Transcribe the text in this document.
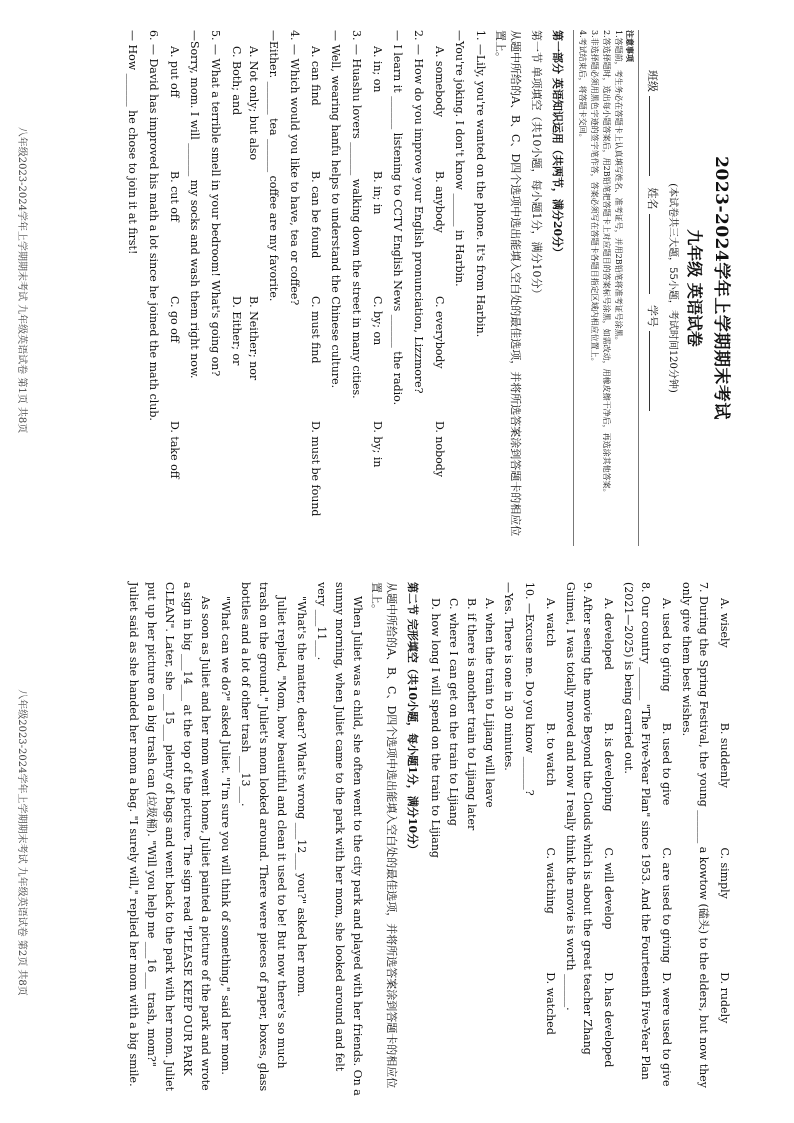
2023-2024学年上学期期末考试
九年级 英语试卷

(本试卷共三大题，55小题，考试时间120分钟)

班级 姓名 学号

注意事项

1.答题前，考生务必在答题卡上认真填写姓名、准考证号，并用2B铅笔将准考证号涂黑。

2.答选择题时，选出每小题答案后，用2B铅笔把答题卡上对应题目的答案标号涂黑，如需改动，用橡皮擦干净后，再选涂其他答案。

3.非选择题必须用黑色字迹的签字笔作答，答案必须写在答题卡各题目指定区域内相应位置上。

4.考试结束后，将答题卡交回。

第一部分 英语知识运用（共两节，满分20分）

第一节 单项填空（共10小题，每小题1分，满分10分）

从题中所给的A、B、C、D四个选项中选出能填入空白处的最佳选项，并将所选答案涂到答题卡的相应位置上。

1. —Lily, you're wanted on the phone. It's from Harbin.

—You're joking. I don't know ______ in Harbin.

A. somebody
B. anybody
C. everybody
D. nobody

2. — How do you improve your English pronunciation, Lizzmore?

— I learn it ______ listening to CCTV English News ______ the radio.

A. in; on
B. in; in
C. by; on
D. by; in

3. — Huashu lovers ______ walking down the street in many cities.

— Well, wearing hanfu helps to understand the Chinese culture.

A. can find
B. can be found
C. must find
D. must be found

4. — Which would you like to have, tea or coffee?

—Either. ______ tea ______ coffee are my favorite.

A. Not only; but also
B. Neither; nor
C. Both; and
D. Either; or

5. — What a terrible smell in your bedroom! What's going on?

—Sorry, mom. I will ______ my socks and wash them right now.

A. put off
B. cut off
C. go off
D. take off

6. — David has improved his math a lot since he joined the math club.

— How ______ he chose to join it at first!

八年级2023-2024学年上学期期末考试 九年级英语试卷 第1页 共8页
A. wisely
B. suddenly
C. simply
D. rudely

7. During the Spring Festival, the young ______ a kowtow (磕头) to the elders, but now they only give them best wishes.

A. used to giving
B. used to give
C. are used to giving
D. were used to give

8. Our country ______ "The Five-Year Plan" since 1953. And the Fourteenth Five-Year Plan (2021—2025) is being carried out.

A. developed
B. is developing
C. will develop
D. has developed

9. After seeing the movie Beyond the Clouds which is about the great teacher Zhang Guimei, I was totally moved and now I really think the movie is worth ______.

A. watch
B. to watch
C. watching
D. watched

10. —Excuse me. Do you know ______?

—Yes. There is one in 30 minutes.

A. when the train to Lijiang will leave
B. if there is another train to Lijiang later
C. where I can get on the train to Lijiang
D. how long I will spend on the train to Lijiang

第二节 完形填空（共10小题，每小题1分，满分10分）

从题中所给的A、B、C、D四个选项中选出能填入空白处的最佳选项，并将所选答案涂到答题卡的相应位置上。

When Juliet was a child, she often went to the city park and played with her friends. On a sunny morning, when Juliet came to the park with her mom, she looked around and felt very ___11___.

"What's the matter, dear? What's wrong ___12___ you?" asked her mom.

Juliet replied, "Mom, how beautiful and clean it used to be! But now there's so much trash on the ground." Juliet's mom looked around. There were pieces of paper, boxes, glass bottles and a lot of other trash ___13___.

"What can we do?" asked Juliet. "I'm sure you will think of something," said her mom.

As soon as Juliet and her mom went home, Juliet painted a picture of the park and wrote a sign in big ___14___ at the top of the picture. The sign read "PLEASE KEEP OUR PARK CLEAN". Later, she ___15___ plenty of bags and went back to the park with her mom. Juliet put up her picture on a big trash can (垃圾桶). "Will you help me ___16___ trash, mom?" Juliet said as she handed her mom a bag. "I surely will," replied her mom with a big smile.

八年级2023-2024学年上学期期末考试 九年级英语试卷 第2页 共8页
